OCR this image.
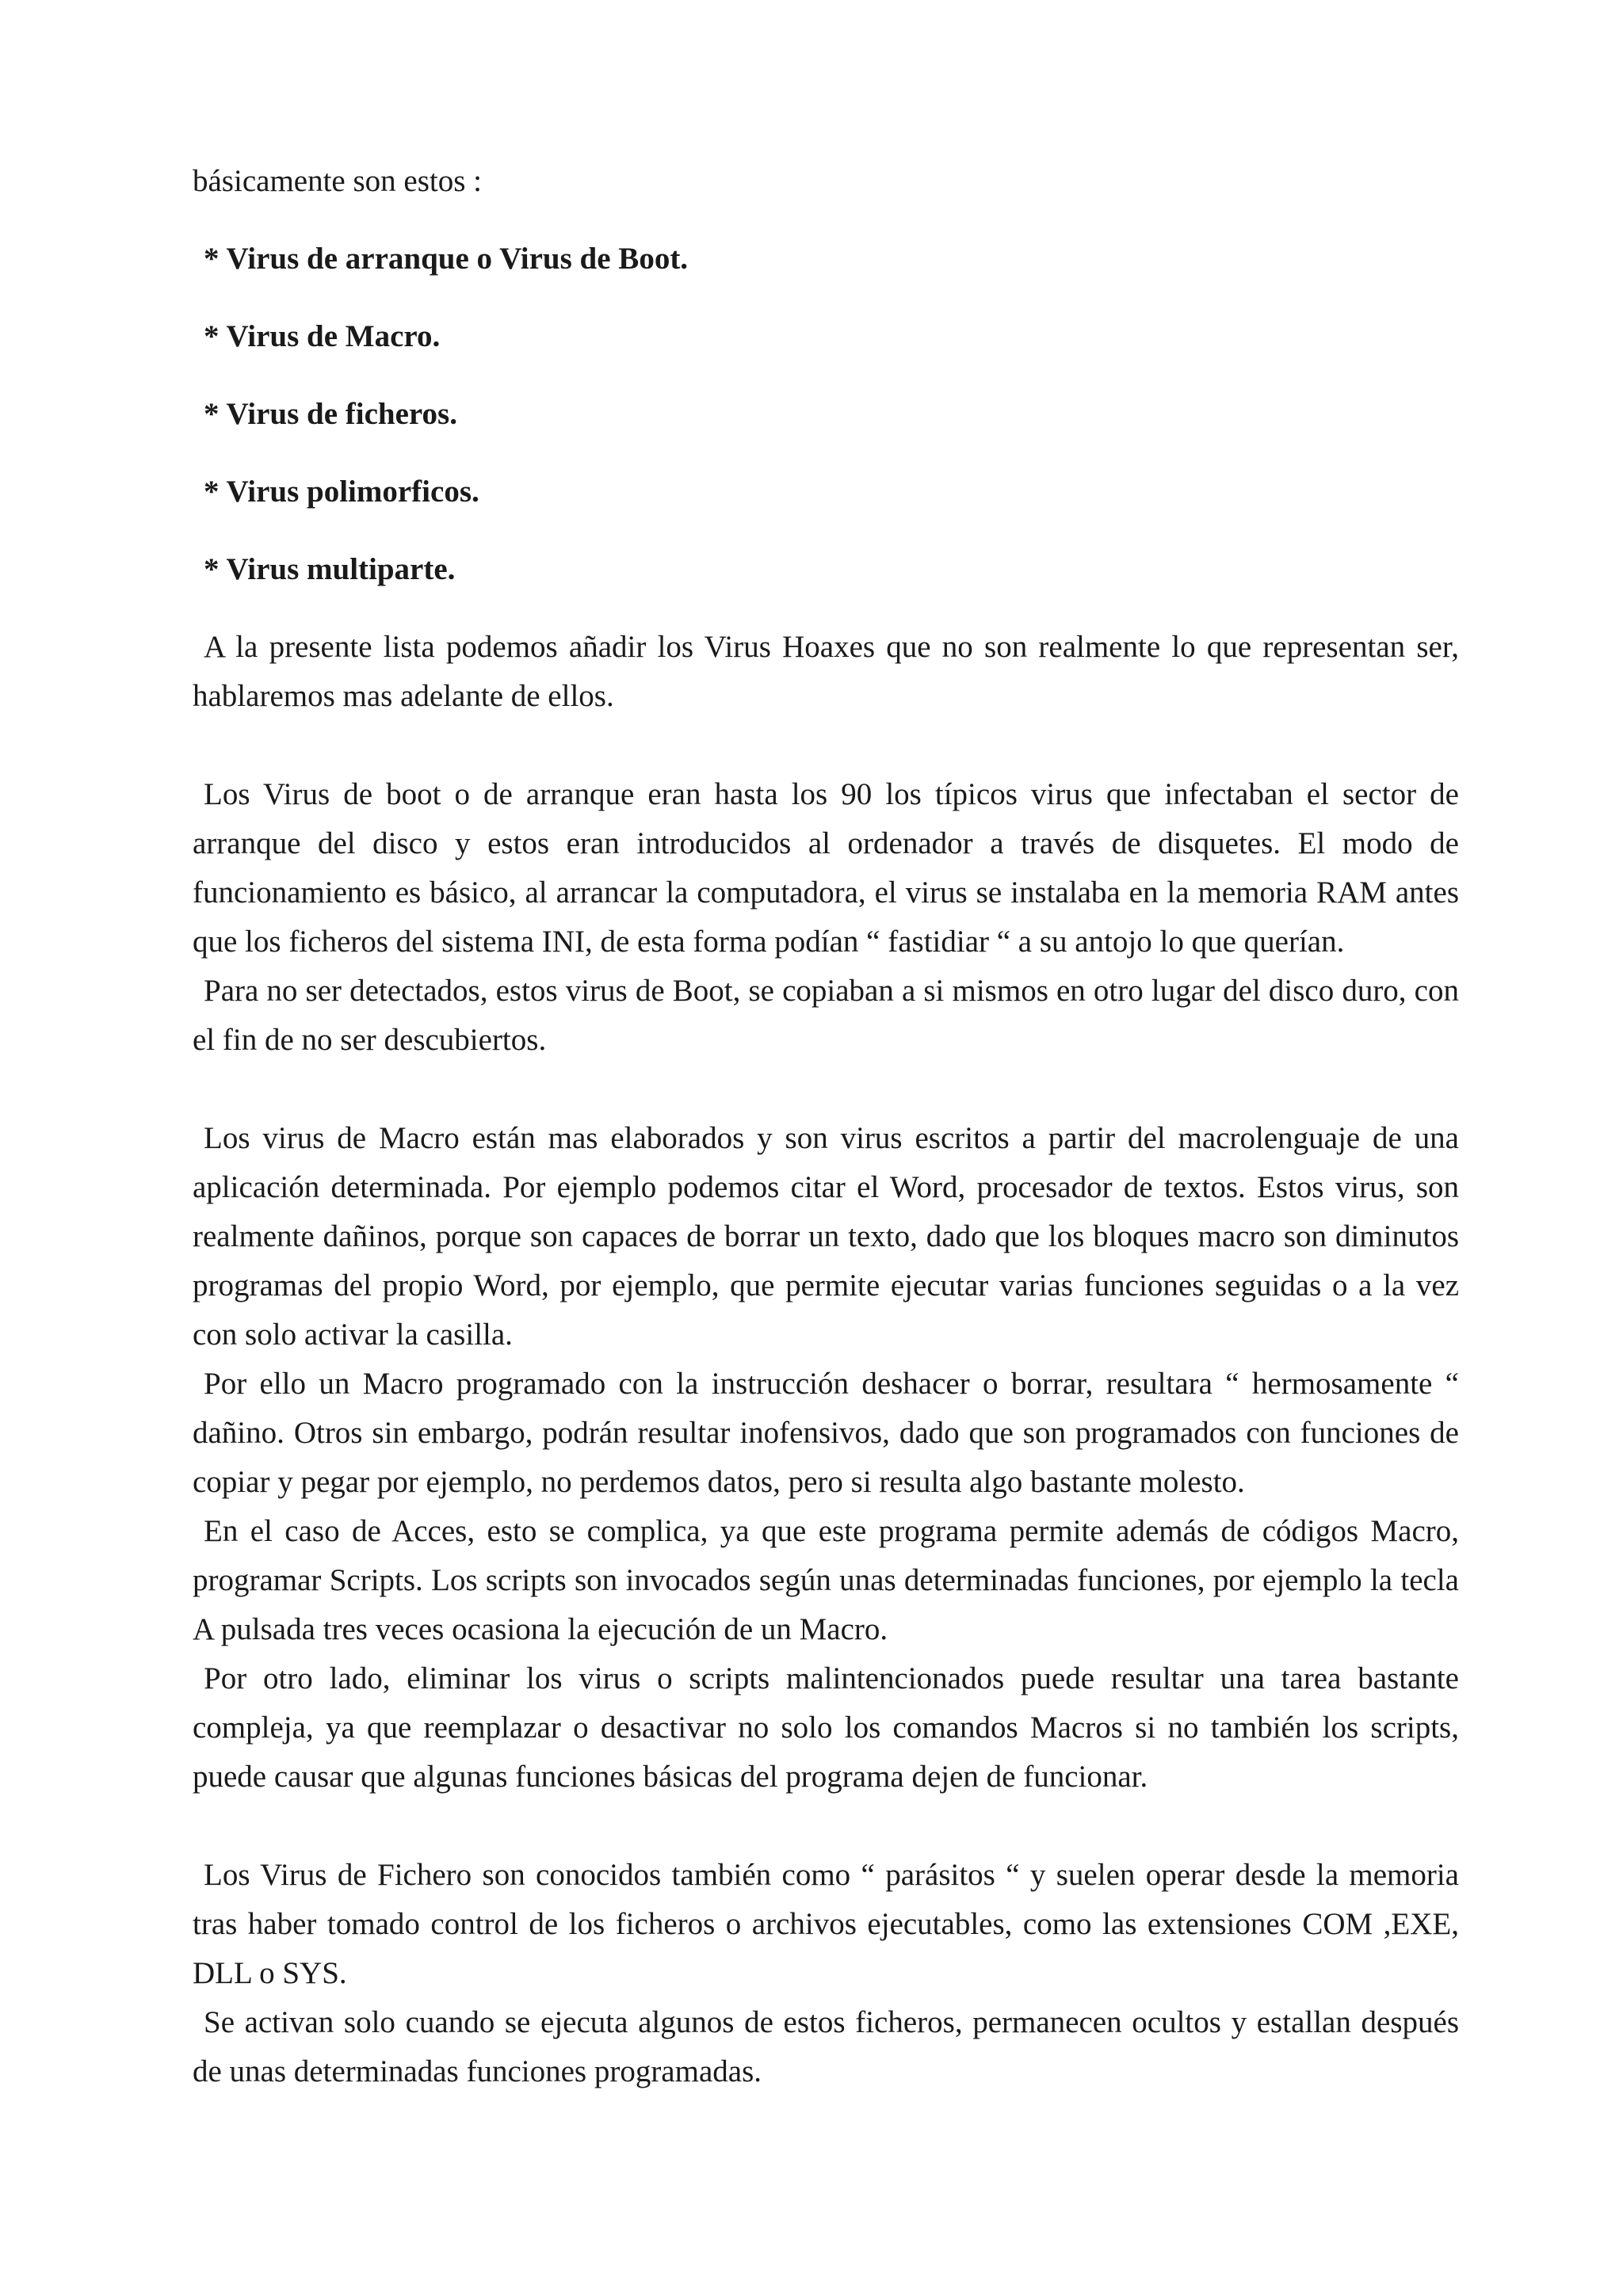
básicamente son estos :

* Virus de arranque o Virus de Boot.
* Virus de Macro.
* Virus de ficheros.
* Virus polimorficos.
* Virus multiparte.

A la presente lista podemos añadir los Virus Hoaxes que no son realmente lo que representan ser, hablaremos mas adelante de ellos.

Los Virus de boot o de arranque eran hasta los 90 los típicos virus que infectaban el sector de arranque del disco y estos eran introducidos al ordenador a través de disquetes. El modo de funcionamiento es básico, al arrancar la computadora, el virus se instalaba en la memoria RAM antes que los ficheros del sistema INI, de esta forma podían “ fastidiar “ a su antojo lo que querían.

Para no ser detectados, estos virus de Boot, se copiaban a si mismos en otro lugar del disco duro, con el fin de no ser descubiertos.

Los virus de Macro están mas elaborados y son virus escritos a partir del macrolenguaje de una aplicación determinada. Por ejemplo podemos citar el Word, procesador de textos. Estos virus, son realmente dañinos, porque son capaces de borrar un texto, dado que los bloques macro son diminutos programas del propio Word, por ejemplo, que permite ejecutar varias funciones seguidas o a la vez con solo activar la casilla.

Por ello un Macro programado con la instrucción deshacer o borrar, resultara “ hermosamente “ dañino. Otros sin embargo, podrán resultar inofensivos, dado que son programados con funciones de copiar y pegar por ejemplo, no perdemos datos, pero si resulta algo bastante molesto.

En el caso de Acces, esto se complica, ya que este programa permite además de códigos Macro, programar Scripts. Los scripts son invocados según unas determinadas funciones, por ejemplo la tecla A pulsada tres veces ocasiona la ejecución de un Macro.

Por otro lado, eliminar los virus o scripts malintencionados puede resultar una tarea bastante compleja, ya que reemplazar o desactivar no solo los comandos Macros si no también los scripts, puede causar que algunas funciones básicas del programa dejen de funcionar.

Los Virus de Fichero son conocidos también como “ parásitos “ y suelen operar desde la memoria tras haber tomado control de los ficheros o archivos ejecutables, como las extensiones COM ,EXE, DLL o SYS.

Se activan solo cuando se ejecuta algunos de estos ficheros, permanecen ocultos y estallan después de unas determinadas funciones programadas.
